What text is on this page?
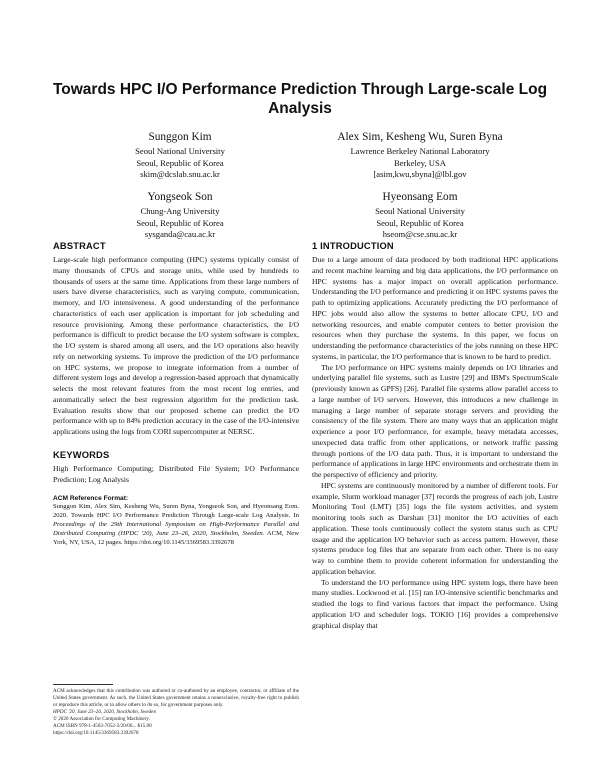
Towards HPC I/O Performance Prediction Through Large-scale Log Analysis
Sunggon Kim
Seoul National University
Seoul, Republic of Korea
skim@dcslab.snu.ac.kr
Alex Sim, Kesheng Wu, Suren Byna
Lawrence Berkeley National Laboratory
Berkeley, USA
[asim,kwu,sbyna]@lbl.gov
Yongseok Son
Chung-Ang University
Seoul, Republic of Korea
sysganda@cau.ac.kr
Hyeonsang Eom
Seoul National University
Seoul, Republic of Korea
hseom@cse.snu.ac.kr
ABSTRACT

Large-scale high performance computing (HPC) systems typically consist of many thousands of CPUs and storage units, while used by hundreds to thousands of users at the same time. Applications from these large numbers of users have diverse characteristics, such as varying compute, communication, memory, and I/O intensiveness. A good understanding of the performance characteristics of each user application is important for job scheduling and resource provisioning. Among these performance characteristics, the I/O performance is difficult to predict because the I/O system software is complex, the I/O system is shared among all users, and the I/O operations also heavily rely on networking systems. To improve the prediction of the I/O performance on HPC systems, we propose to integrate information from a number of different system logs and develop a regression-based approach that dynamically selects the most relevant features from the most recent log entries, and automatically select the best regression algorithm for the prediction task. Evaluation results show that our proposed scheme can predict the I/O performance with up to 84% prediction accuracy in the case of the I/O-intensive applications using the logs from CORI supercomputer at NERSC.

KEYWORDS

High Performance Computing; Distributed File System; I/O Performance Prediction; Log Analysis

ACM Reference Format:
Sunggon Kim, Alex Sim, Kesheng Wu, Suren Byna, Yongseok Son, and Hyeonsang Eom. 2020. Towards HPC I/O Performance Prediction Through Large-scale Log Analysis. In Proceedings of the 29th International Symposium on High-Performance Parallel and Distributed Computing (HPDC '20), June 23–26, 2020, Stockholm, Sweden. ACM, New York, NY, USA, 12 pages. https://doi.org/10.1145/3369583.3392678

ACM acknowledges that this contribution was authored or co-authored by an employee, contractor, or affiliate of the United States government. As such, the United States government retains a nonexclusive, royalty-free right to publish or reproduce this article, or to allow others to do so, for government purposes only.

HPDC '20, June 23–26, 2020, Stockholm, Sweden

© 2020 Association for Computing Machinery.

ACM ISBN 978-1-4503-7052-3/20/06... $15.00

https://doi.org/10.1145/3369583.3392678

1 INTRODUCTION

Due to a large amount of data produced by both traditional HPC applications and recent machine learning and big data applications, the I/O performance on HPC systems has a major impact on overall application performance. Understanding the I/O performance and predicting it on HPC systems paves the path to optimizing applications. Accurately predicting the I/O performance of HPC jobs would also allow the systems to better allocate CPU, I/O and networking resources, and enable computer centers to better provision the resources when they purchase the systems. In this paper, we focus on understanding the performance characteristics of the jobs running on these HPC systems, in particular, the I/O performance that is known to be hard to predict.

The I/O performance on HPC systems mainly depends on I/O libraries and underlying parallel file systems, such as Lustre [29] and IBM's SpectrumScale (previously known as GPFS) [26]. Parallel file systems allow parallel access to a large number of I/O servers. However, this introduces a new challenge in managing a large number of separate storage servers and providing the consistency of the file system. There are many ways that an application might experience a poor I/O performance, for example, heavy metadata accesses, unexpected data traffic from other applications, or network traffic passing through portions of the I/O data path. Thus, it is important to understand the performance of applications in large HPC environments and orchestrate them in the perspective of efficiency and priority.

HPC systems are continuously monitored by a number of different tools. For example, Slurm workload manager [37] records the progress of each job, Lustre Monitoring Tool (LMT) [35] logs the file system activities, and system monitoring tools such as Darshan [31] monitor the I/O activities of each application. These tools continuously collect the system status such as CPU usage and the application I/O behavior such as access pattern. However, these systems produce log files that are separate from each other. There is no easy way to combine them to provide coherent information for understanding the application behavior.

To understand the I/O performance using HPC system logs, there have been many studies. Lockwood et al. [15] ran I/O-intensive scientific benchmarks and studied the logs to find various factors that impact the performance. Using application I/O and scheduler logs. TOKIO [16] provides a comprehensive graphical display that
